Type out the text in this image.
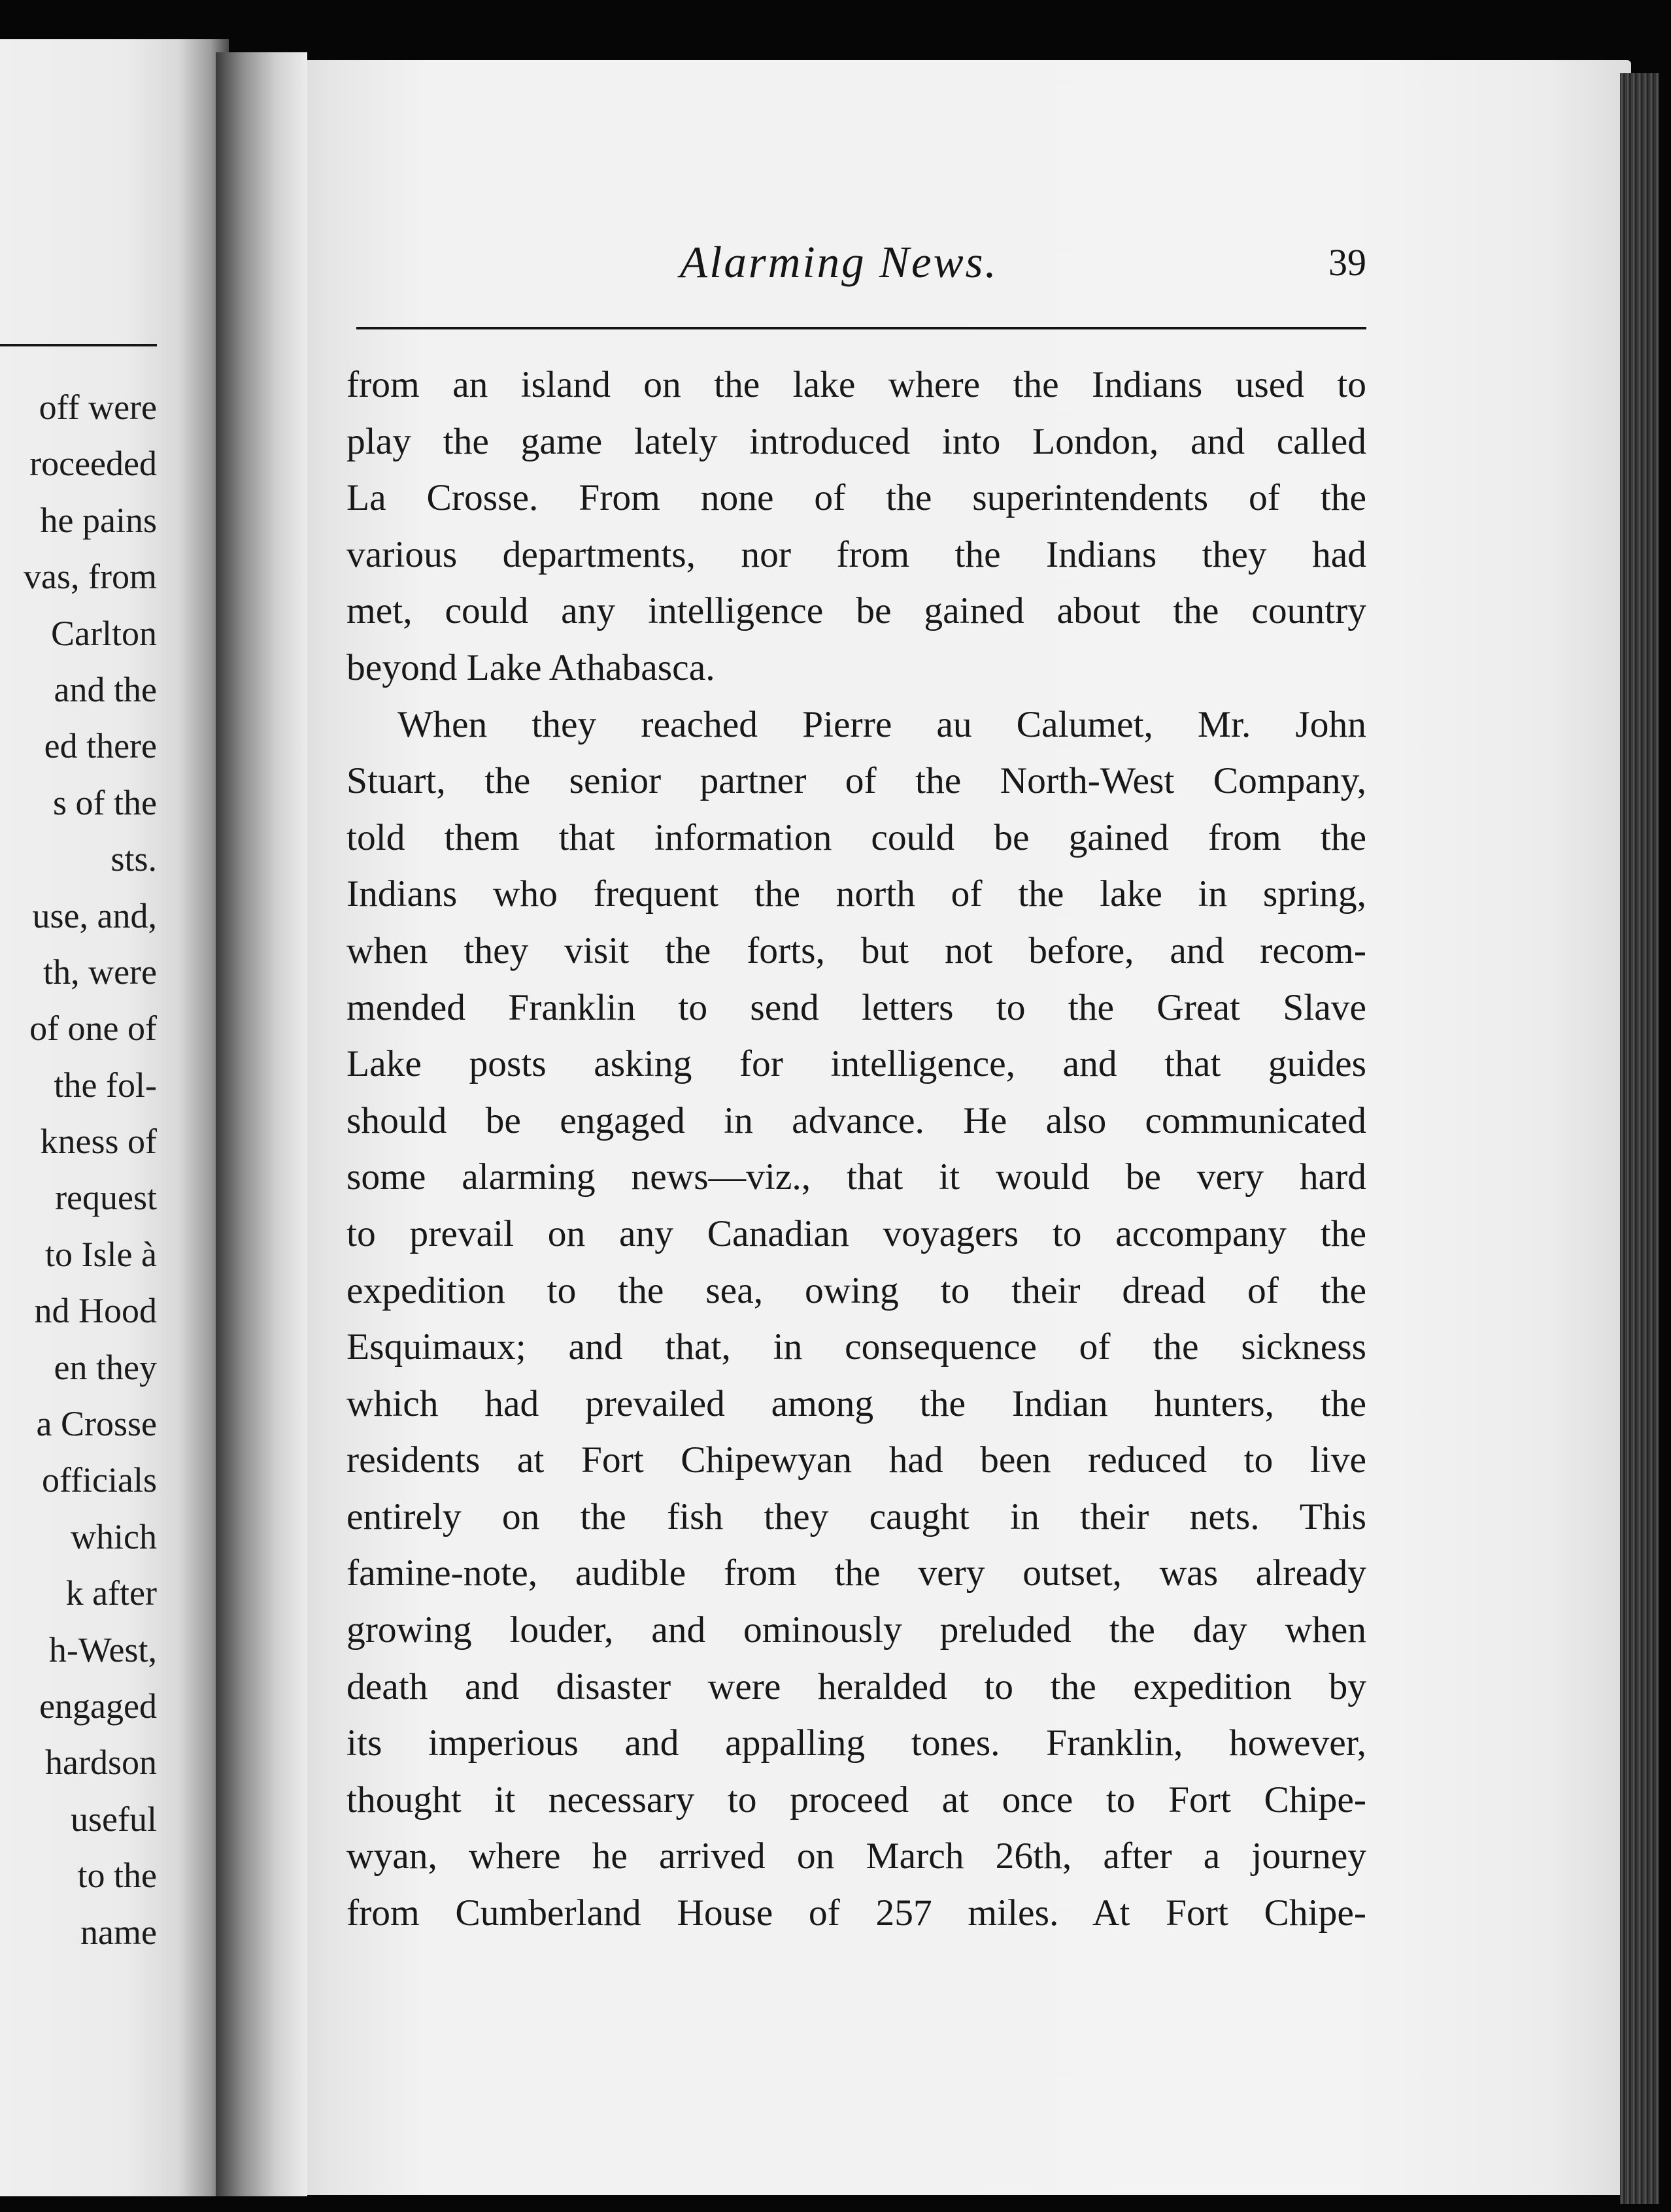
off were
roceeded
he pains
vas, from
Carlton
and the
ed there
s of the
sts.
use, and,
th, were
of one of
the fol-
kness of
request
to Isle à
nd Hood
en they
a Crosse
officials
which
k after
h-West,
engaged
hardson
useful
to the
name
Alarming News.	39
from an island on the lake where the Indians used to
play the game lately introduced into London, and called
La Crosse. From none of the superintendents of the
various departments, nor from the Indians they had
met, could any intelligence be gained about the country
beyond Lake Athabasca.
When they reached Pierre au Calumet, Mr. John
Stuart, the senior partner of the North-West Company,
told them that information could be gained from the
Indians who frequent the north of the lake in spring,
when they visit the forts, but not before, and recom-
mended Franklin to send letters to the Great Slave
Lake posts asking for intelligence, and that guides
should be engaged in advance. He also communicated
some alarming news—viz., that it would be very hard
to prevail on any Canadian voyagers to accompany the
expedition to the sea, owing to their dread of the
Esquimaux; and that, in consequence of the sickness
which had prevailed among the Indian hunters, the
residents at Fort Chipewyan had been reduced to live
entirely on the fish they caught in their nets. This
famine-note, audible from the very outset, was already
growing louder, and ominously preluded the day when
death and disaster were heralded to the expedition by
its imperious and appalling tones. Franklin, however,
thought it necessary to proceed at once to Fort Chipe-
wyan, where he arrived on March 26th, after a journey
from Cumberland House of 257 miles. At Fort Chipe-
